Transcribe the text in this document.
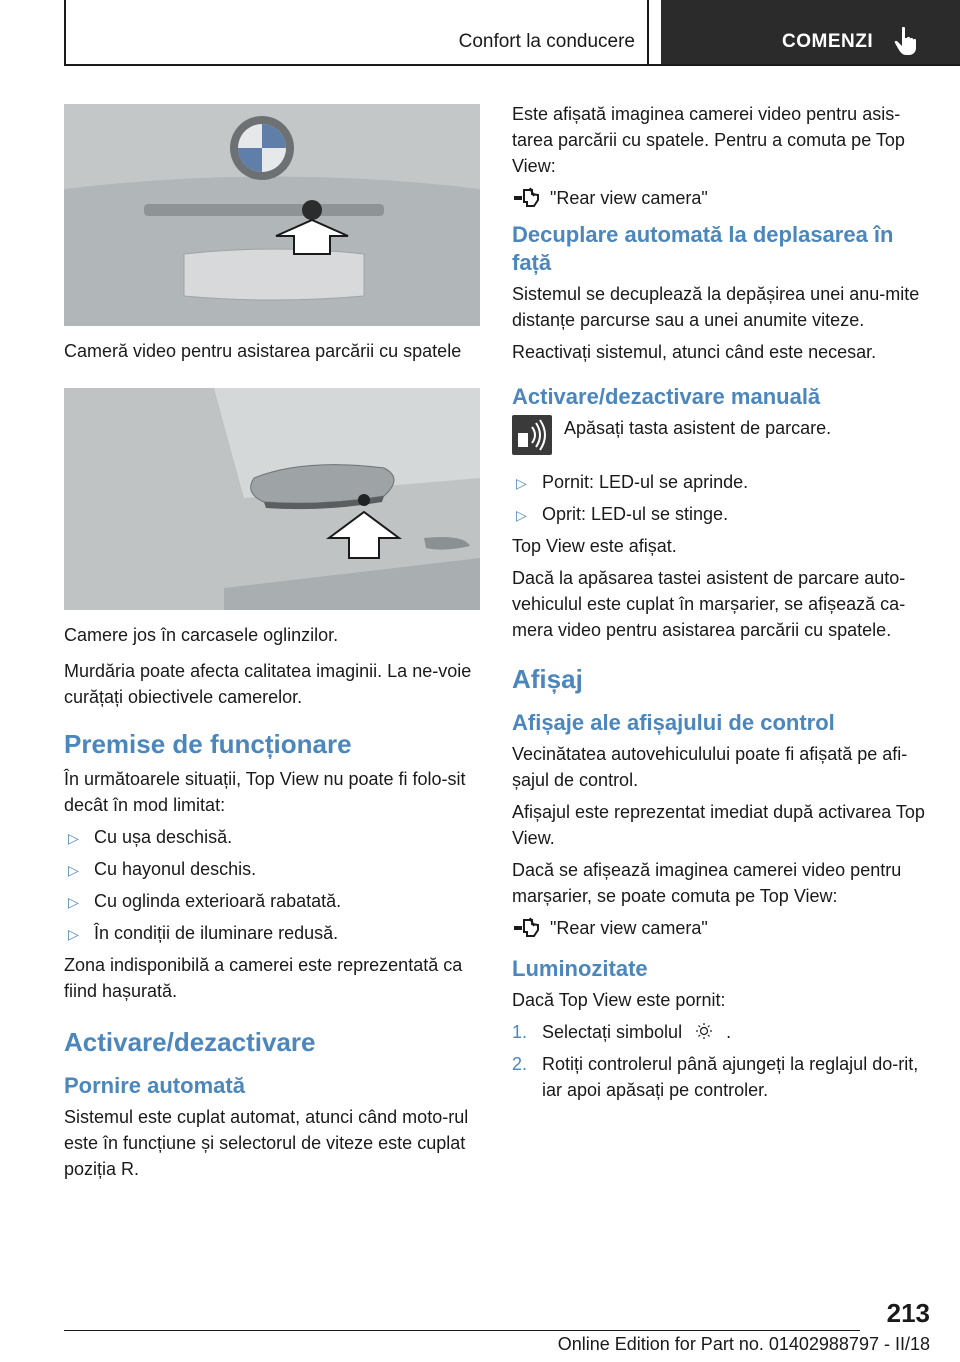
Confort la conducere	COMENZI
Cameră video pentru asistarea parcării cu spatele
Camere jos în carcasele oglinzilor.

Murdăria poate afecta calitatea imaginii. La ne-voie curățați obiectivele camerelor.

Premise de funcționare

În următoarele situații, Top View nu poate fi folo-sit decât în mod limitat:

▷ Cu ușa deschisă.
▷ Cu hayonul deschis.
▷ Cu oglinda exterioară rabatată.
▷ În condiții de iluminare redusă.

Zona indisponibilă a camerei este reprezentată ca fiind hașurată.

Activare/dezactivare
Pornire automată

Sistemul este cuplat automat, atunci când moto-rul este în funcțiune și selectorul de viteze este cuplat poziția R.

Este afișată imaginea camerei video pentru asis-tarea parcării cu spatele. Pentru a comuta pe Top View:

"Rear view camera"
Decuplare automată la deplasarea în față

Sistemul se decuplează la depășirea unei anu-mite distanțe parcurse sau a unei anumite viteze.

Reactivați sistemul, atunci când este necesar.

Activare/dezactivare manuală
Apăsați tasta asistent de parcare.
▷ Pornit: LED-ul se aprinde.
▷ Oprit: LED-ul se stinge.

Top View este afișat.

Dacă la apăsarea tastei asistent de parcare auto-vehiculul este cuplat în marșarier, se afișează ca-mera video pentru asistarea parcării cu spatele.

Afișaj
Afișaje ale afișajului de control

Vecinătatea autovehiculului poate fi afișată pe afi-șajul de control.

Afișajul este reprezentat imediat după activarea Top View.

Dacă se afișează imaginea camerei video pentru marșarier, se poate comuta pe Top View:

"Rear view camera"
Luminozitate

Dacă Top View este pornit:

1. Selectați simbolul .
2. Rotiți controlerul până ajungeți la reglajul do-rit, iar apoi apăsați pe controler.
213
Online Edition for Part no. 01402988797 - II/18
